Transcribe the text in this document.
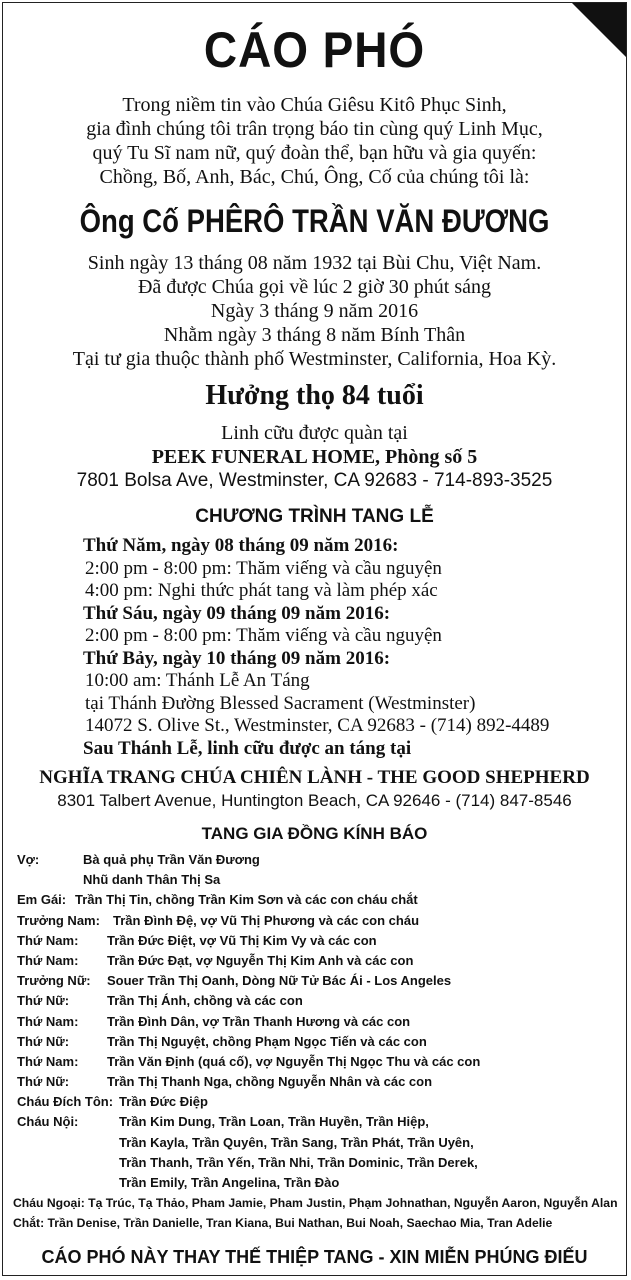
CÁO PHÓ
Trong niềm tin vào Chúa Giêsu Kitô Phục Sinh,
gia đình chúng tôi trân trọng báo tin cùng quý Linh Mục,
quý Tu Sĩ nam nữ, quý đoàn thể, bạn hữu và gia quyến:
Chồng, Bố, Anh, Bác, Chú, Ông, Cố của chúng tôi là:
Ông Cố PHÊRÔ TRẦN VĂN ĐƯƠNG
Sinh ngày 13 tháng 08 năm 1932 tại Bùi Chu, Việt Nam.
Đã được Chúa gọi về lúc 2 giờ 30 phút sáng
Ngày 3 tháng 9 năm 2016
Nhằm ngày 3 tháng 8 năm Bính Thân
Tại tư gia thuộc thành phố Westminster, California, Hoa Kỳ.
Hưởng thọ 84 tuổi
Linh cữu được quàn tại
PEEK FUNERAL HOME, Phòng số 5
7801 Bolsa Ave, Westminster, CA 92683 - 714-893-3525
CHƯƠNG TRÌNH TANG LỄ
Thứ Năm, ngày 08 tháng 09 năm 2016:
2:00 pm - 8:00 pm: Thăm viếng và cầu nguyện
4:00 pm: Nghi thức phát tang và làm phép xác
Thứ Sáu, ngày 09 tháng 09 năm 2016:
2:00 pm - 8:00 pm: Thăm viếng và cầu nguyện
Thứ Bảy, ngày 10 tháng 09 năm 2016:
10:00 am: Thánh Lễ An Táng
tại Thánh Đường Blessed Sacrament (Westminster)
14072 S. Olive St., Westminster, CA 92683 - (714) 892-4489
Sau Thánh Lễ, linh cữu được an táng tại
NGHĨA TRANG CHÚA CHIÊN LÀNH - THE GOOD SHEPHERD
8301 Talbert Avenue, Huntington Beach, CA 92646 - (714) 847-8546
TANG GIA ĐỒNG KÍNH BÁO
Vợ:	Bà quả phụ Trần Văn Đương
Nhũ danh Thân Thị Sa
Em Gái: Trần Thị Tin, chồng Trần Kim Sơn và các con cháu chắt
Trưởng Nam: Trần Đình Đệ, vợ Vũ Thị Phương và các con cháu
Thứ Nam: Trần Đức Điệt, vợ Vũ Thị Kim Vy và các con
Thứ Nam: Trần Đức Đạt, vợ Nguyễn Thị Kim Anh và các con
Trưởng Nữ: Souer Trần Thị Oanh, Dòng Nữ Tử Bác Ái - Los Angeles
Thứ Nữ:	Trần Thị Ánh, chồng và các con
Thứ Nam: Trần Đình Dân, vợ Trần Thanh Hương và các con
Thứ Nữ:	Trần Thị Nguyệt, chồng Phạm Ngọc Tiến và các con
Thứ Nam: Trần Văn Định (quá cố), vợ Nguyễn Thị Ngọc Thu và các con
Thứ Nữ:	Trần Thị Thanh Nga, chồng Nguyễn Nhân và các con
Cháu Đích Tôn: Trần Đức Điệp
Cháu Nội:	Trần Kim Dung, Trần Loan, Trần Huyền, Trần Hiệp,
Trần Kayla, Trần Quyên, Trần Sang, Trần Phát, Trần Uyên,
Trần Thanh, Trần Yến, Trần Nhi, Trần Dominic, Trần Derek,
Trần Emily, Trần Angelina, Trần Đào
Cháu Ngoại: Tạ Trúc, Tạ Thảo, Pham Jamie, Pham Justin, Phạm Johnathan, Nguyễn Aaron, Nguyễn Alan
Chắt: Trần Denise, Trần Danielle, Tran Kiana, Bui Nathan, Bui Noah, Saechao Mia, Tran Adelie
CÁO PHÓ NÀY THAY THẾ THIỆP TANG - XIN MIỄN PHÚNG ĐIẾU
